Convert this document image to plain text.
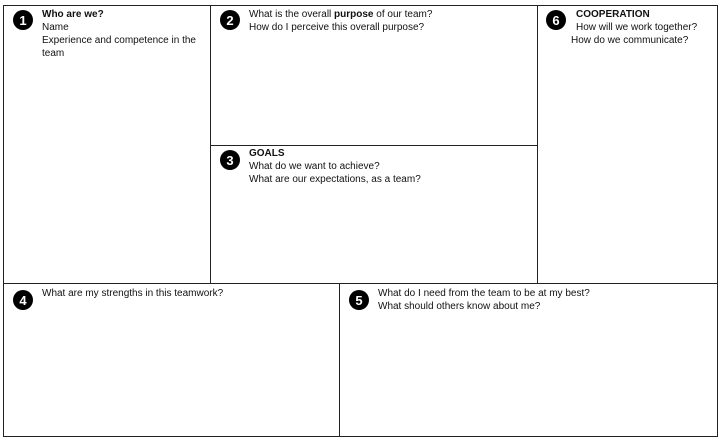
1	Who are we?
Name
Experience and competence in the
team
2	What is the overall purpose of our team?
How do I perceive this overall purpose?
3	GOALS
What do we want to achieve?
What are our expectations, as a team?
6	COOPERATION
How will we work together?
How do we communicate?
4	What are my strengths in this teamwork?	5	What do I need from the team to be at my best?
What should others know about me?
